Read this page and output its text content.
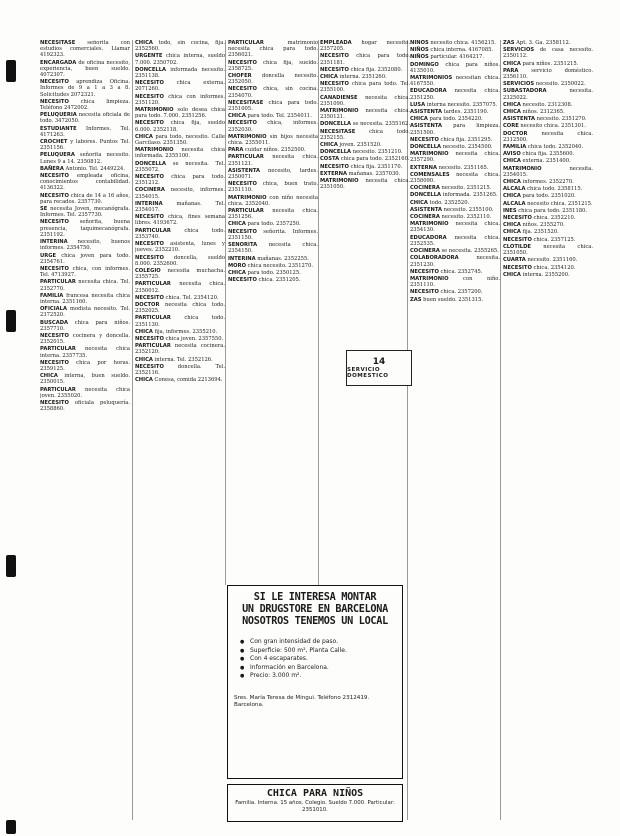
NECESITASE señorita con estudios comerciales. Llamar 4192323.

ENCARGADA de oficina necesito, experiencia, buen sueldo. 4072307.

NECESITO aprendiza Oficina. Informes de 9 a 1 a 3 a 8. Solicitudes 2072321.

NECESITO chica limpieza. Teléfono 2472002.

PELUQUERIA necesita oficiala de todo. 3472050.

ESTUDIANTE Informes. Tel. 4171263.

CROCHET y labores. Puntos Tel. 2351156.

PELUQUERA señorita necesito. Lunes 9 a 14. 2350812.

BAÑERA Antonio. Tel. 2449224.

NECESITO empleada oficina, conocimientos contabilidad. 4136322.

NECESITO chica de 14 a 16 años, para recados. 2357730.

SE necesita Joven, mecanógrafa. Informes. Tel. 2357730.

NECESITO señorita, buena presencia, taquimecanógrafa. 2351192.

INTERINA necesito, buenos informes. 2354750.

URGE chica joven para todo. 2354761.

NECESITO chica, con informes. Tel. 4713927.

PARTICULAR necesita chica. Tel. 2352770.

FAMILIA francesa necesita chica interna. 2351160.

OFICIALA modista necesito. Tel. 2372520.

BUSCADA chica para niños. 2357710.

NECESITO cocinera y doncella. 2352015.

PARTICULAR necesita chica interna. 2357735.

NECESITO chica por horas. 2359125.

CHICA interna, buen sueldo. 2350015.

PARTICULAR necesita chica joven. 2355020.

NECESITO oficiala peluquería. 2358860.

CHICA todo, sin cocina, fija. 2352560.

URGENTE chica interna, sueldo 7.000. 2350702.

DONCELLA informada necesito. 2351138.

NECESITO chica externa. 2071260.

NECESITO chica con informes. 2351120.

MATRIMONIO solo desea chica para todo. 7.000. 2351256.

NECESITO chica fija, sueldo 6.000. 2352118.

CHICA para todo, necesito. Calle Garcilaso. 2351350.

MATRIMONIO necesita chica informada. 2355100.

DONCELLA se necesita. Tel. 2355072.

NECESITO chica para todo. 2351212.

COCINERA necesito, informes. 2354015.

INTERINA mañanas. Tel. 2354017.

NECESITO chica, fines semana libres. 4193672.

PARTICULAR chica todo. 2353740.

NECESITO asistenta, lunes y jueves. 2352210.

NECESITO doncella, sueldo 8.000. 2352600.

COLEGIO necesita muchacha. 2355725.

PARTICULAR necesita chica. 2350012.

NECESITO chica. Tel. 2354120.

DOCTOR necesita chica todo. 2352025.

PARTICULAR chica todo. 2351130.

CHICA fija, informes. 2355210.

NECESITO chica joven. 2357550.

PARTICULAR necesita cocinera. 2352120.

CHICA interna. Tel. 2352126.

NECESITO doncella. Tel. 2352116.

CHICA Conesa, comida 2213694.

PARTICULAR matrimonio necesita chica para todo. 2356021.

NECESITO chica fija, sueldo. 2358725.

CHOFER doncella necesito. 2352050.

NECESITO chica, sin cocina. 2354070.

NECESITASE chica para todo. 2351005.

CHICA para todo. Tel. 2354011.

NECESITO chica, informes. 2352030.

MATRIMONIO sin hijos necesita chica. 2355011.

PARA cuidar niños. 2352500.

PARTICULAR necesita chica. 2351121.

ASISTENTA necesito, tardes. 2350071.

NECESITO chica, buen trato. 2351110.

MATRIMONIO con niño necesita chica. 2352040.

PARTICULAR necesita chica. 2351256.

CHICA para todo. 2357250.

NECESITO señorita. Informes. 2351150.

SENORITA necesita chica. 2354150.

INTERINA mañanas. 2352255.

MORO chica necesito. 2351270.

CHICA para todo. 2350125.

NECESITO chica. 2351205.

EMPLEADA hogar necesito. 2357205.

NECESITO chica para todo. 2351181.

NECESITO chica fija. 2352080.

CHICA interna. 2351260.

NECESITO chica para todo. Tel. 2355100.

CANADIENSE necesita chica. 2351090.

MATRIMONIO necesita chica. 2350121.

DONCELLA se necesita. 2355162.

NECESITASE chica todo. 2352155.

CHICA joven. 2351520.

DONCELLA necesito. 2351210.

COSTA chica para todo. 2352160.

NECESITO chica fija. 2351170.

EXTERNA mañanas. 2357030.

MATRIMONIO necesita chica. 2351050.

NIÑOS necesito chica. 4156215.

NIÑOS chica interna. 4167085.

NIÑOS particular. 4164217.

DOMINGO chica para niños. 4135010.

MATRIMONIOS necesitan chica. 4167550.

EDUCADORA necesita chica. 2351250.

LUSA interna necesito. 2357075.

ASISTENTA tardes. 2351190.

CHICA para todo. 2354220.

ASISTENTA para limpieza. 2351500.

NECESITO chica fija. 2351295.

DONCELLA necesito. 2354500.

MATRIMONIO necesita chica. 2357290.

EXTERNA necesito. 2351165.

COMENSALES necesita chica. 2358090.

COCINERA necesito. 2351215.

DONCELLA informada. 2351265.

CHICA todo. 2352520.

ASISTENTA necesito. 2355100.

COCINERA necesito. 2352110.

MATRIMONIO necesita chica. 2354130.

EDUCADORA necesita chica. 2352535.

COCINERA se necesita. 2355265.

COLABORADORA necesita. 2351230.

NECESITO chica. 2352745.

MATRIMONIO con niño. 2351110.

NECESITO chica. 2357200.

ZAS buen sueldo. 2351315.

ZAS Apt. 3. Ga. 2358112.

SERVICIOS de casa necesito. 2350112.

CHICA para niños. 2351215.

PARA servicio doméstico. 2356110.

SERVICIOS necesito. 2350022.

SUBASTADORA necesita. 2325022.

CHICA necesito. 2312308.

CHICA niños. 2312365.

ASISTENTA necesito. 2351270.

CORE necesito chica. 2351301.

DOCTOR necesita chica. 2312500.

FAMILIA chica todo. 2352040.

AVISO chica fija. 2355600.

CHICA externa. 2351400.

MATRIMONIO necesita. 2354015.

CHICA informes. 2352270.

ALCALA chica todo. 2358115.

CHICA para todo. 2351020.

ALCALA necesito chica. 2351215.

INES chica para todo. 2351180.

NECESITO chica. 2352210.

CHICA niños. 2355270.

CHICA fija. 2351520.

NECESITO chica. 2357125.

CLOTILDE necesita chica. 2351050.

CUARTA necesito. 2351160.

NECESITO chica. 2354120.

CHICA interna. 2355200.

14
SERVICIO DOMESTICO
SI LE INTERESA MONTAR
UN DRUGSTORE EN BARCELONA
NOSOTROS TENEMOS UN LOCAL
● Con gran intensidad de paso.
● Superficie: 500 m², Planta Calle.
● Con 4 escaparates.
● Información en Barcelona.
● Precio: 3.000 m².
Sres. María Teresa de Mingui. Teléfono 2312419. Barcelona.
CHICA PARA NIÑOS
Familia. Interna. 15 años. Colegio. Sueldo 7.000. Particular: 2351010.
